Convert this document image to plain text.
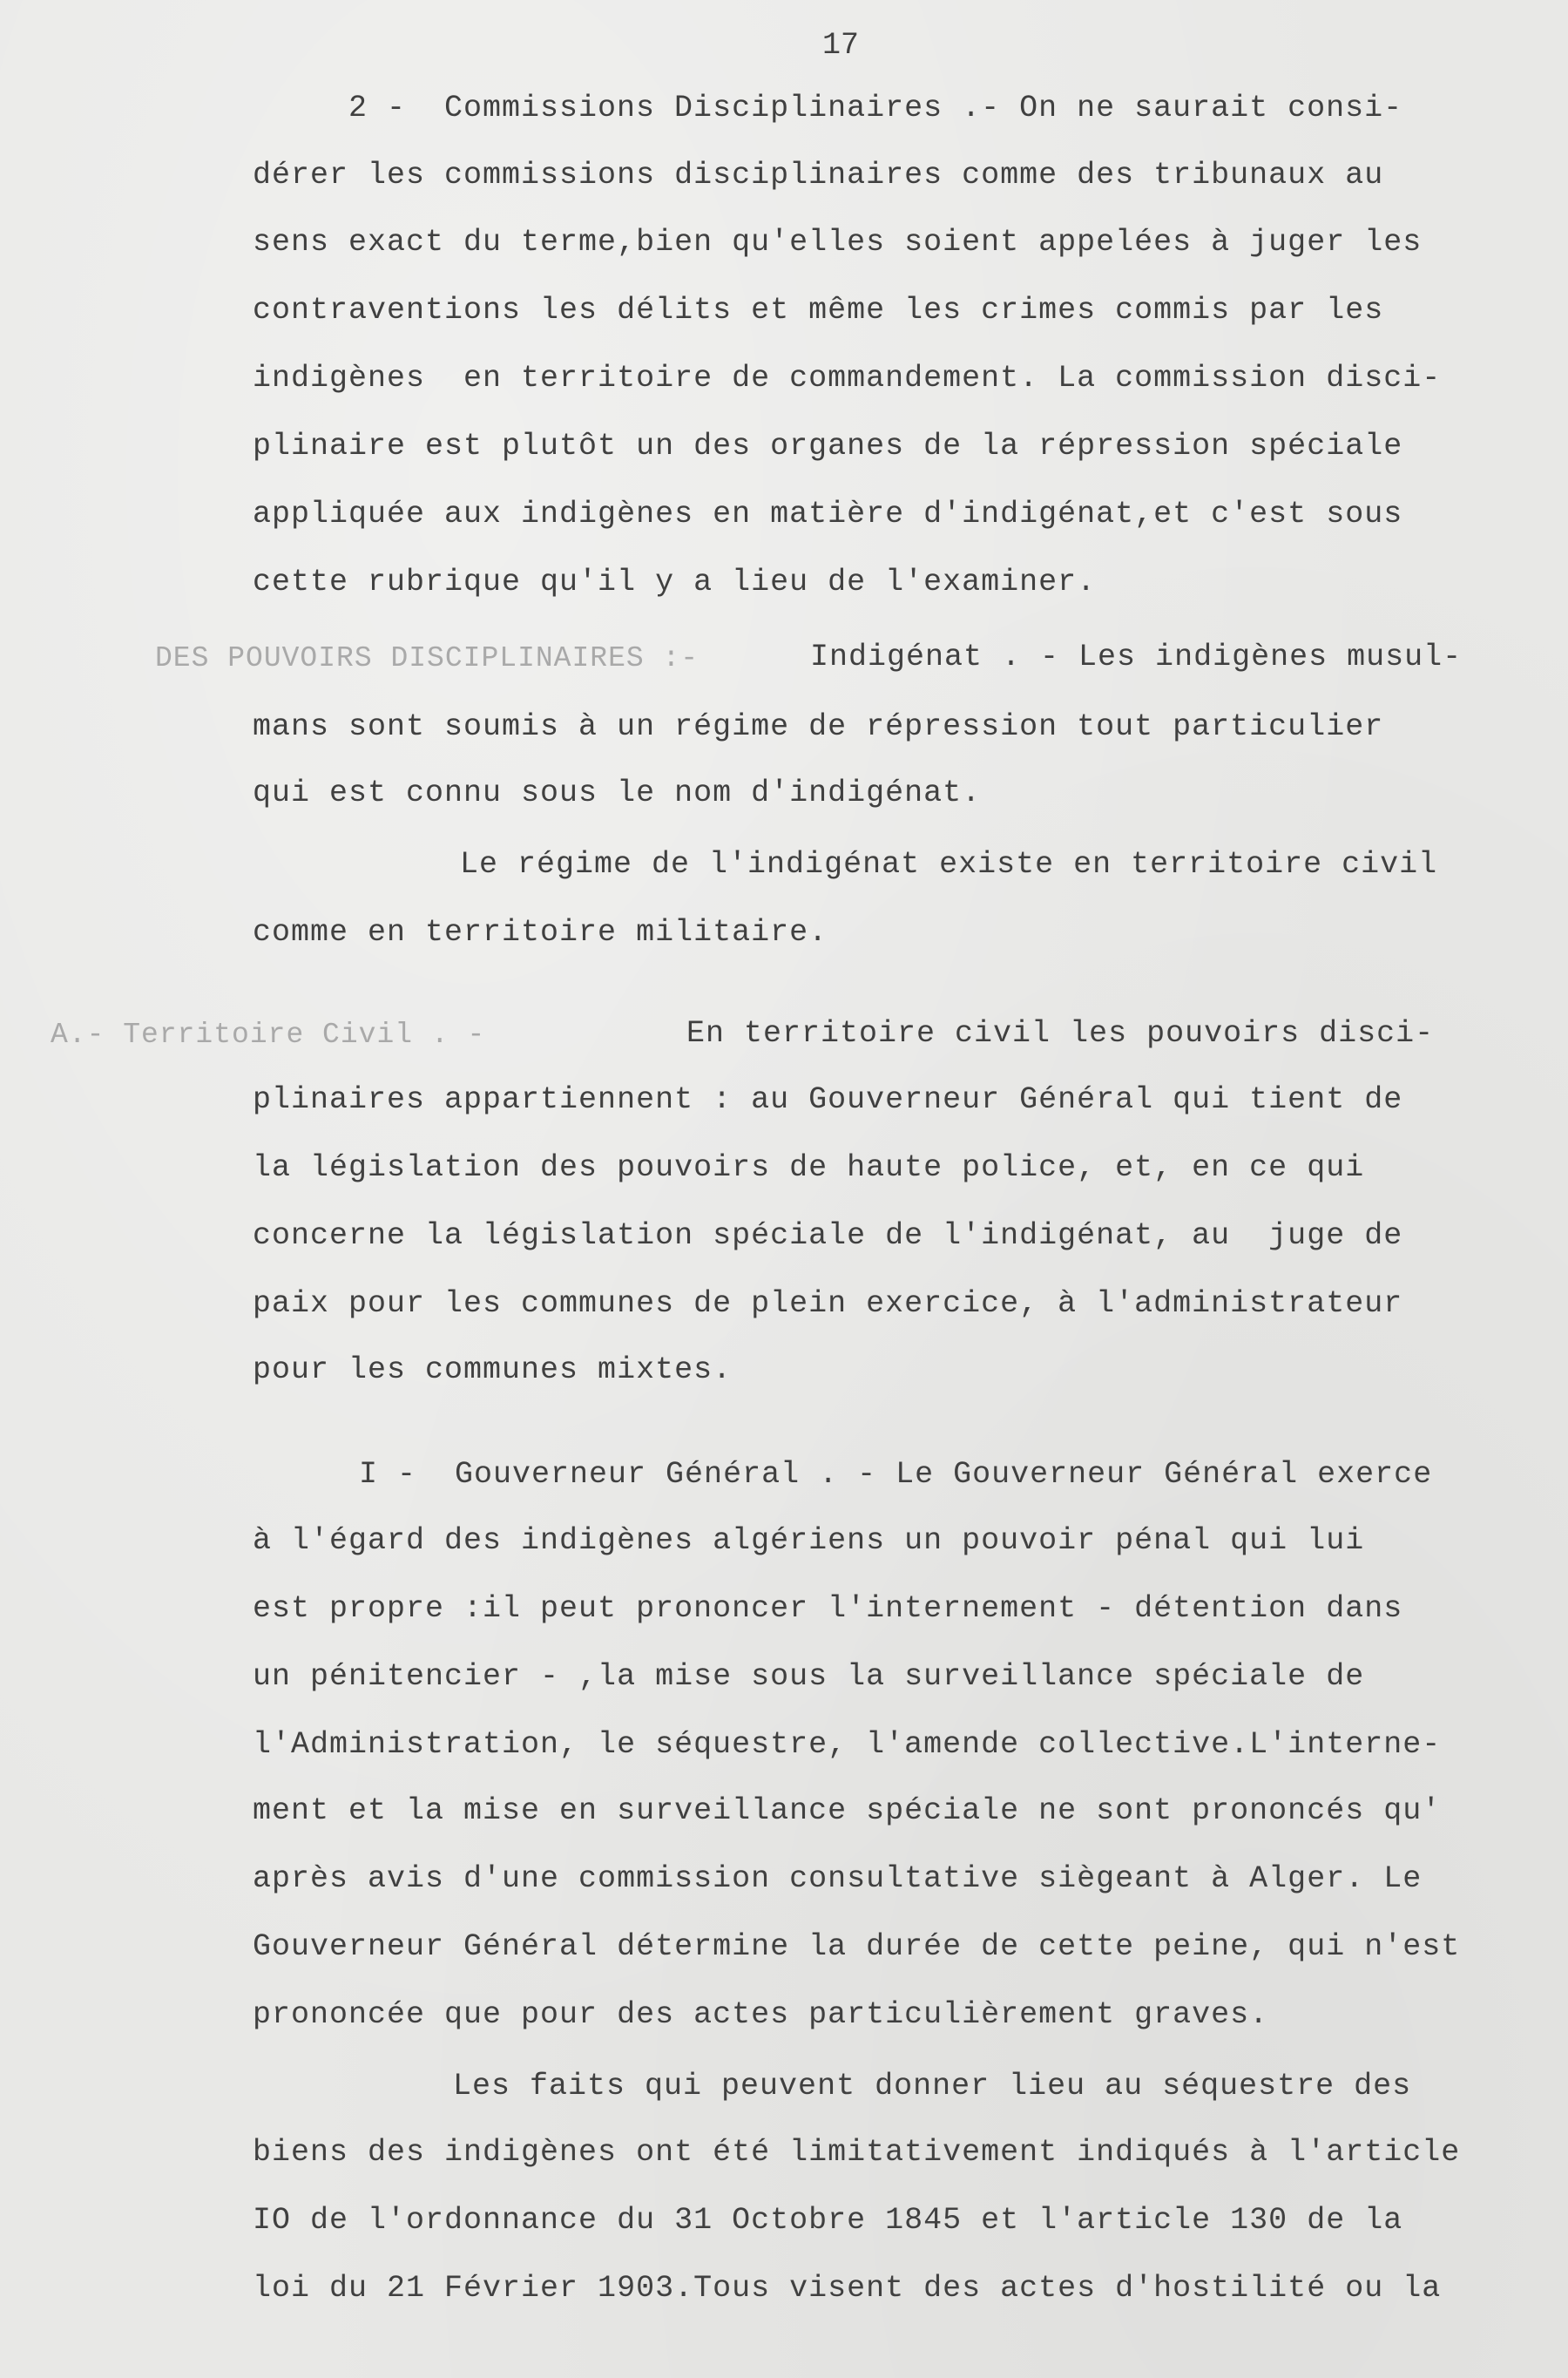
17
2 -  Commissions Disciplinaires .- On ne saurait consi-
dérer les commissions disciplinaires comme des tribunaux au
sens exact du terme,bien qu'elles soient appelées à juger les
contraventions les délits et même les crimes commis par les
indigènes  en territoire de commandement. La commission disci-
plinaire est plutôt un des organes de la répression spéciale
appliquée aux indigènes en matière d'indigénat,et c'est sous
cette rubrique qu'il y a lieu de l'examiner.
DES POUVOIRS DISCIPLINAIRES :-	Indigénat . - Les indigènes musul-
mans sont soumis à un régime de répression tout particulier
qui est connu sous le nom d'indigénat.
Le régime de l'indigénat existe en territoire civil
comme en territoire militaire.
A.- Territoire Civil . -	En territoire civil les pouvoirs disci-
plinaires appartiennent : au Gouverneur Général qui tient de
la législation des pouvoirs de haute police, et, en ce qui
concerne la législation spéciale de l'indigénat, au  juge de
paix pour les communes de plein exercice, à l'administrateur
pour les communes mixtes.
I -  Gouverneur Général . - Le Gouverneur Général exerce
à l'égard des indigènes algériens un pouvoir pénal qui lui
est propre :il peut prononcer l'internement - détention dans
un pénitencier - ,la mise sous la surveillance spéciale de
l'Administration, le séquestre, l'amende collective.L'interne-
ment et la mise en surveillance spéciale ne sont prononcés qu'
après avis d'une commission consultative siègeant à Alger. Le
Gouverneur Général détermine la durée de cette peine, qui n'est
prononcée que pour des actes particulièrement graves.
Les faits qui peuvent donner lieu au séquestre des
biens des indigènes ont été limitativement indiqués à l'article
IO de l'ordonnance du 31 Octobre 1845 et l'article 130 de la
loi du 21 Février 1903.Tous visent des actes d'hostilité ou la
